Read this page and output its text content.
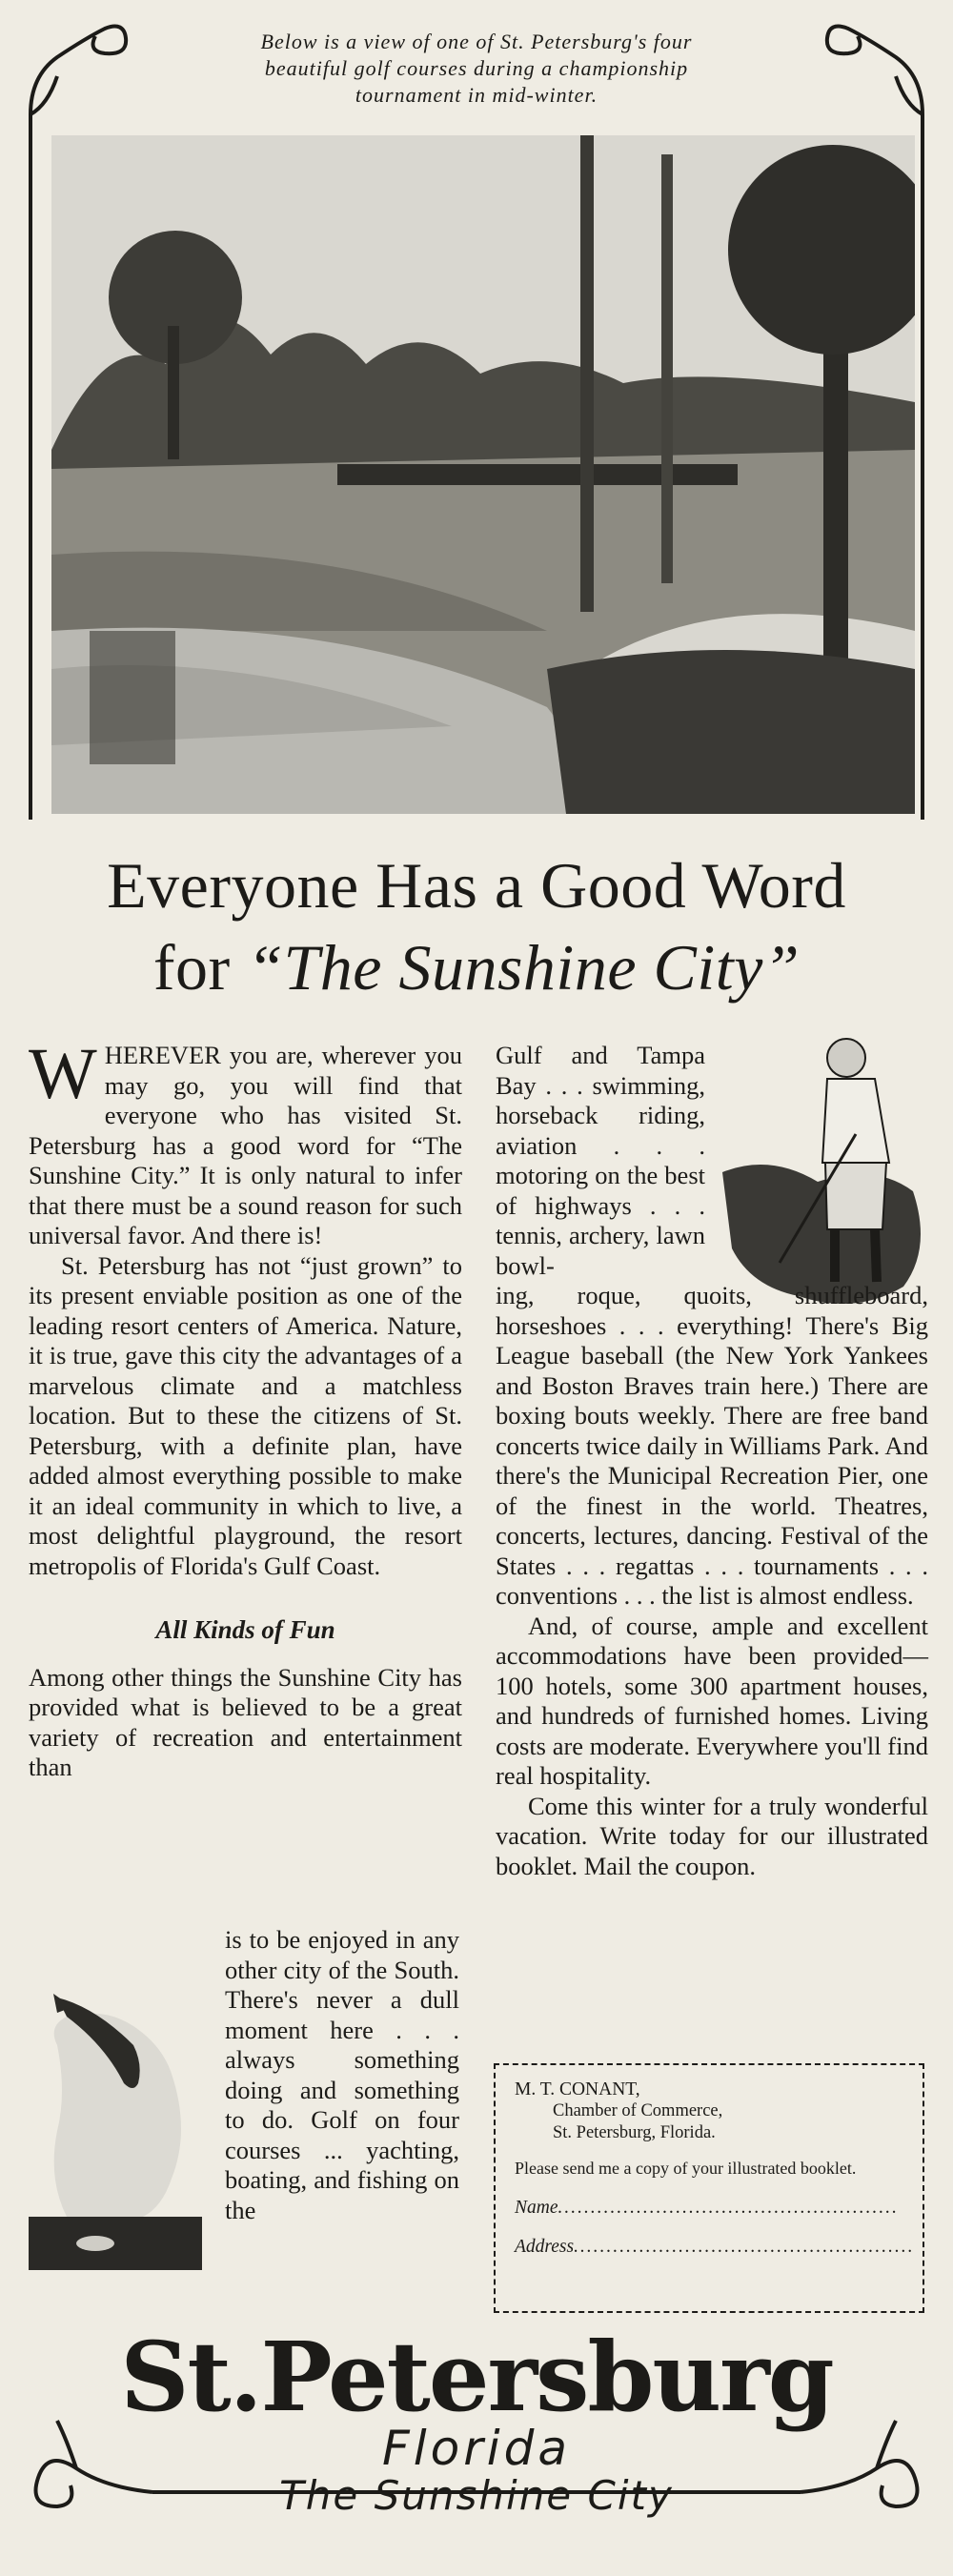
Below is a view of one of St. Petersburg's four
beautiful golf courses during a championship
tournament in mid-winter.
Everyone Has a Good Word
for “The Sunshine City”

WHEREVER you are, wherever you may go, you will find that everyone who has visited St. Petersburg has a good word for “The Sunshine City.” It is only natural to infer that there must be a sound reason for such universal favor. And there is!

St. Petersburg has not “just grown” to its present enviable position as one of the leading resort centers of America. Nature, it is true, gave this city the advantages of a marvelous climate and a matchless location. But to these the citizens of St. Petersburg, with a definite plan, have added almost everything possible to make it an ideal community in which to live, a most delightful playground, the resort metropolis of Florida's Gulf Coast.

All Kinds of Fun

Among other things the Sunshine City has provided what is believed to be a great variety of recreation and entertainment than

is to be enjoyed in any other city of the South. There's never a dull moment here . . . always something doing and something to do. Golf on four courses ... yachting, boating, and fishing on the

Gulf and Tampa Bay . . . swimming, horseback riding, aviation . . . motoring on the best of highways . . . tennis, archery, lawn bowl-

ing, roque, quoits, shuffleboard, horseshoes . . . everything! There's Big League baseball (the New York Yankees and Boston Braves train here.) There are boxing bouts weekly. There are free band concerts twice daily in Williams Park. And there's the Municipal Recreation Pier, one of the finest in the world. Theatres, concerts, lectures, dancing. Festival of the States . . . regattas . . . tournaments . . . conventions . . . the list is almost endless.

And, of course, ample and excellent accommodations have been provided—100 hotels, some 300 apartment houses, and hundreds of furnished homes. Living costs are moderate. Everywhere you'll find real hospitality.

Come this winter for a truly wonderful vacation. Write today for our illustrated booklet. Mail the coupon.

M. T. CONANT,
Chamber of Commerce,
St. Petersburg, Florida.
Please send me a copy of your illustrated booklet.
Name....................................................
Address....................................................
St.Petersburg
Florida
The Sunshine City
